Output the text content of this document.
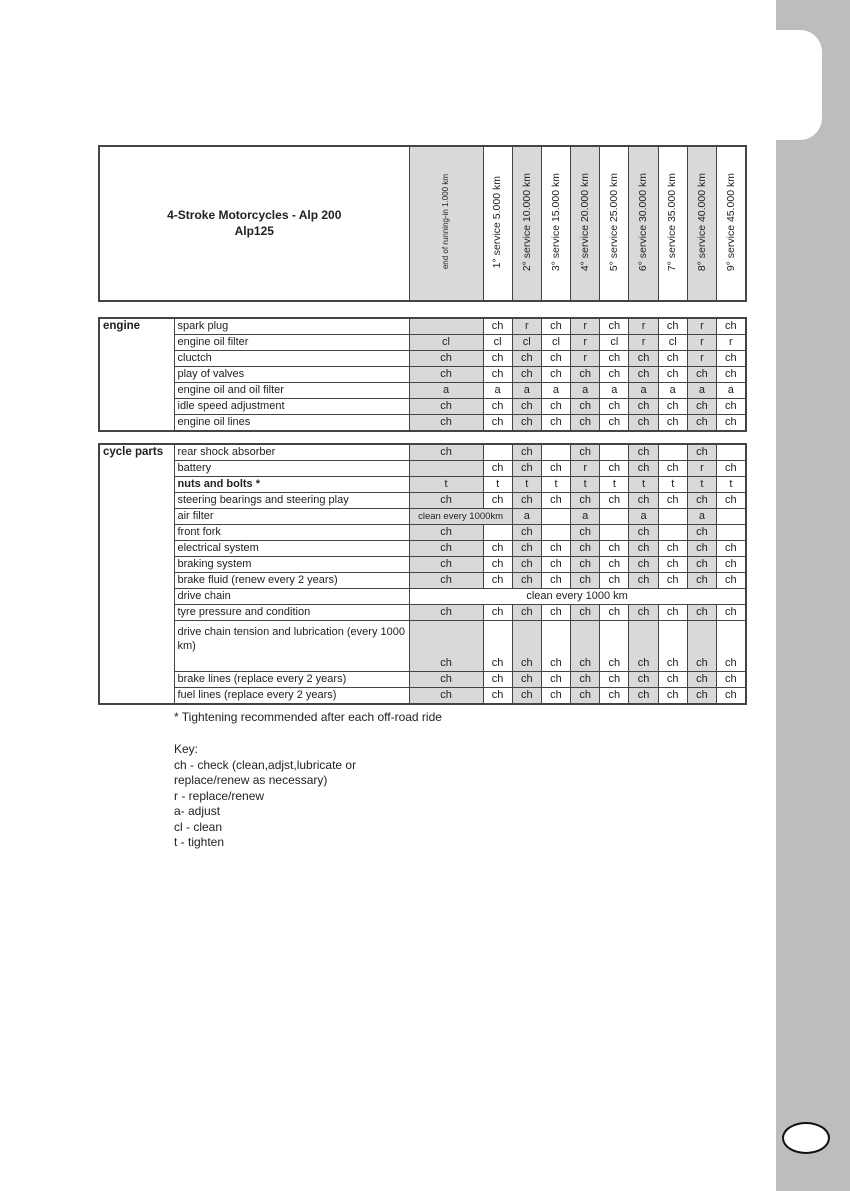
4-Stroke Motorcycles - Alp 200
Alp125	end of running-in 1.000 km	1° service 5.000 km	2° service 10.000 km	3° service 15.000 km	4° service 20.000 km	5° service 25.000 km	6° service 30.000 km	7° service 35.000 km	8° service 40.000 km	9° service 45.000 km
engine	spark plug		ch	r	ch	r	ch	r	ch	r	ch
	engine oil filter	cl	cl	cl	cl	r	cl	r	cl	r	r
	cluctch	ch	ch	ch	ch	r	ch	ch	ch	r	ch
	play of valves	ch	ch	ch	ch	ch	ch	ch	ch	ch	ch
	engine oil and oil filter	a	a	a	a	a	a	a	a	a	a
	idle speed adjustment	ch	ch	ch	ch	ch	ch	ch	ch	ch	ch
	engine oil lines	ch	ch	ch	ch	ch	ch	ch	ch	ch	ch
cycle parts	rear shock absorber	ch		ch		ch		ch		ch	
	battery		ch	ch	ch	r	ch	ch	ch	r	ch
	nuts and bolts *	t	t	t	t	t	t	t	t	t	t
	steering bearings and steering play	ch	ch	ch	ch	ch	ch	ch	ch	ch	ch
	air filter	clean every 1000km		a		a		a		a	
	front fork	ch		ch		ch		ch		ch	
	electrical system	ch	ch	ch	ch	ch	ch	ch	ch	ch	ch
	braking system	ch	ch	ch	ch	ch	ch	ch	ch	ch	ch
	brake fluid (renew every 2 years)	ch	ch	ch	ch	ch	ch	ch	ch	ch	ch
	drive chain	clean every 1000 km									
	tyre pressure and condition	ch	ch	ch	ch	ch	ch	ch	ch	ch	ch
	drive chain tension and lubrication (every 1000 km)	ch	ch	ch	ch	ch	ch	ch	ch	ch	ch
	brake lines (replace every 2 years)	ch	ch	ch	ch	ch	ch	ch	ch	ch	ch
	fuel lines (replace every 2 years)	ch	ch	ch	ch	ch	ch	ch	ch	ch	ch
* Tightening recommended after each off-road ride
Key:
ch - check (clean,adjst,lubricate or
replace/renew as necessary)
r - replace/renew
a- adjust
cl - clean
t - tighten
